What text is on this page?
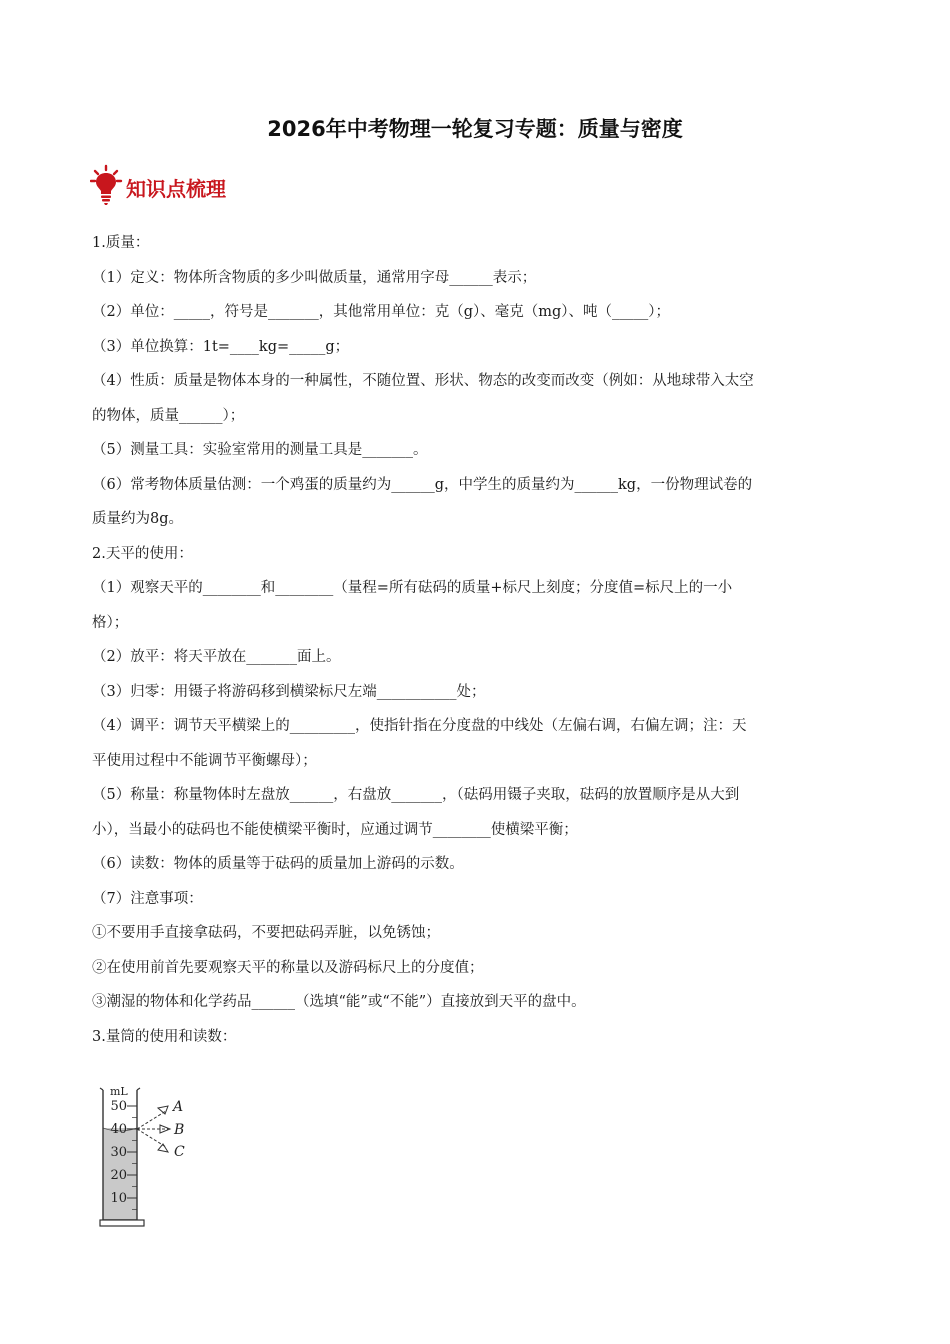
2026年中考物理一轮复习专题：质量与密度
知识点梳理
1.质量：
（1）定义：物体所含物质的多少叫做质量，通常用字母______表示；
（2）单位：_____，符号是_______，其他常用单位：克（g）、毫克（mg）、吨（_____）；
（3）单位换算：1t=____kg=_____g；
（4）性质：质量是物体本身的一种属性，不随位置、形状、物态的改变而改变（例如：从地球带入太空
的物体，质量______）；
（5）测量工具：实验室常用的测量工具是_______。
（6）常考物体质量估测：一个鸡蛋的质量约为______g，中学生的质量约为______kg，一份物理试卷的
质量约为8g。
2.天平的使用：
（1）观察天平的________和________（量程=所有砝码的质量+标尺上刻度；分度值=标尺上的一小
格）；
（2）放平：将天平放在_______面上。
（3）归零：用镊子将游码移到横梁标尺左端___________处；
（4）调平：调节天平横梁上的_________，使指针指在分度盘的中线处（左偏右调，右偏左调；注：天
平使用过程中不能调节平衡螺母）；
（5）称量：称量物体时左盘放______，右盘放_______，（砝码用镊子夹取，砝码的放置顺序是从大到
小），当最小的砝码也不能使横梁平衡时，应通过调节________使横梁平衡；
（6）读数：物体的质量等于砝码的质量加上游码的示数。
（7）注意事项：
①不要用手直接拿砝码，不要把砝码弄脏，以免锈蚀；
②在使用前首先要观察天平的称量以及游码标尺上的分度值；
③潮湿的物体和化学药品______（选填“能”或“不能”）直接放到天平的盘中。
3.量筒的使用和读数：
mL
50
40
30
20
10
A
B
C
